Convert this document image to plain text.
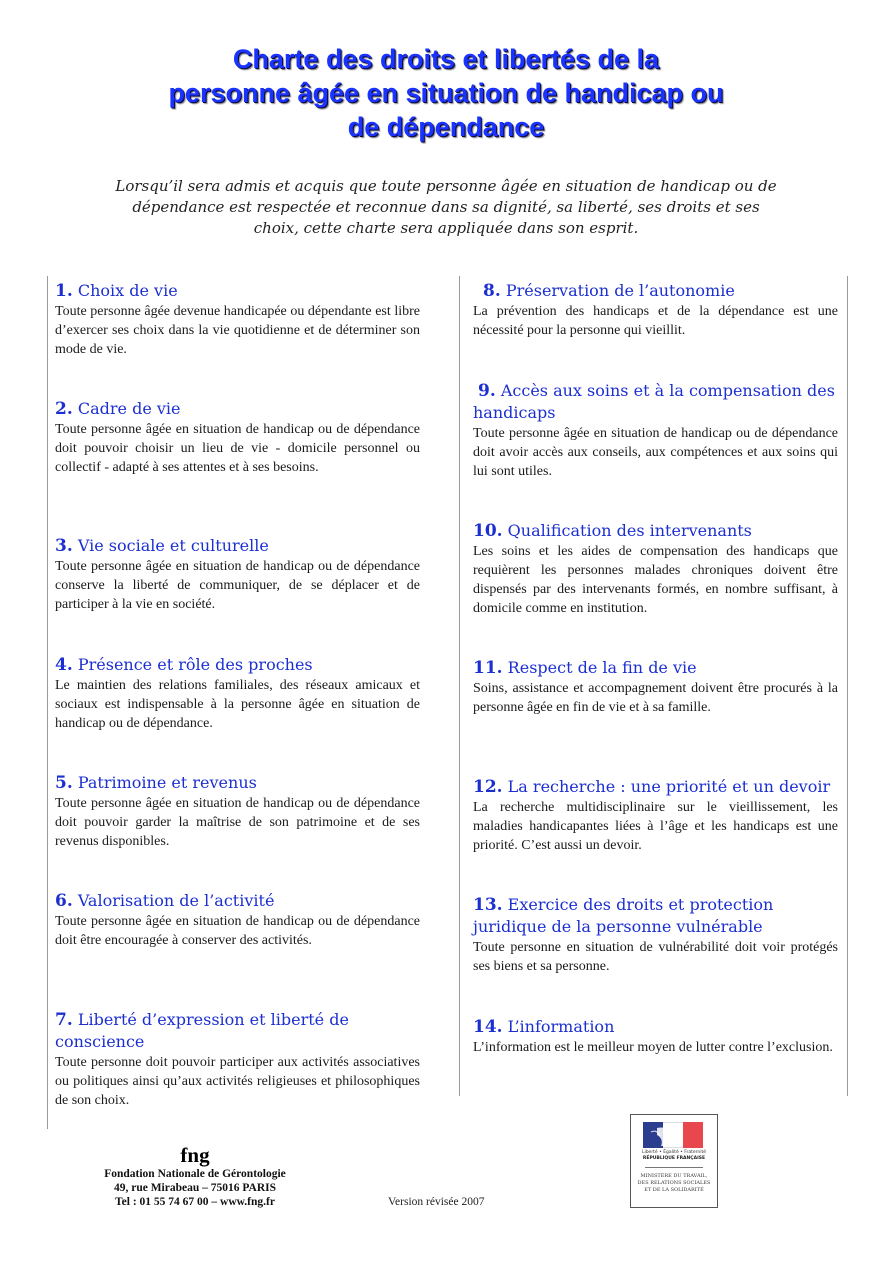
Charte des droits et libertés de la
personne âgée en situation de handicap ou
de dépendance
Lorsqu’il sera admis et acquis que toute personne âgée en situation de handicap ou de dépendance est respectée et reconnue dans sa dignité, sa liberté, ses droits et ses choix, cette charte sera appliquée dans son esprit.

1. Choix de vie

Toute personne âgée devenue handicapée ou dépendante est libre d’exercer ses choix dans la vie quotidienne et de déterminer son mode de vie.

2. Cadre de vie

Toute personne âgée en situation de handicap ou de dépendance doit pouvoir choisir un lieu de vie - domicile personnel ou collectif - adapté à ses attentes et à ses besoins.

3. Vie sociale et culturelle

Toute personne âgée en situation de handicap ou de dépendance conserve la liberté de communiquer, de se déplacer et de participer à la vie en société.

4. Présence et rôle des proches

Le maintien des relations familiales, des réseaux amicaux et sociaux est indispensable à la personne âgée en situation de handicap ou de dépendance.

5. Patrimoine et revenus

Toute personne âgée en situation de handicap ou de dépendance doit pouvoir garder la maîtrise de son patrimoine et de ses revenus disponibles.

6. Valorisation de l’activité

Toute personne âgée en situation de handicap ou de dépendance doit être encouragée à conserver des activités.

7. Liberté d’expression et liberté de conscience

Toute personne doit pouvoir participer aux activités associatives ou politiques ainsi qu’aux activités religieuses et philosophiques de son choix.

8. Préservation de l’autonomie

La prévention des handicaps et de la dépendance est une nécessité pour la personne qui vieillit.

9. Accès aux soins et à la compensation des handicaps

Toute personne âgée en situation de handicap ou de dépendance doit avoir accès aux conseils, aux compétences et aux soins qui lui sont utiles.

10. Qualification des intervenants

Les soins et les aides de compensation des handicaps que requièrent les personnes malades chroniques doivent être dispensés par des intervenants formés, en nombre suffisant, à domicile comme en institution.

11. Respect de la fin de vie

Soins, assistance et accompagnement doivent être procurés à la personne âgée en fin de vie et à sa famille.

12. La recherche : une priorité et un devoir

La recherche multidisciplinaire sur le vieillissement, les maladies handicapantes liées à l’âge et les handicaps est une priorité. C’est aussi un devoir.

13. Exercice des droits et protection juridique de la personne vulnérable

Toute personne en situation de vulnérabilité doit voir protégés ses biens et sa personne.

14. L’information

L’information est le meilleur moyen de lutter contre l’exclusion.

fng
Fondation Nationale de Gérontologie
49, rue Mirabeau – 75016 PARIS
Tel : 01 55 74 67 00 – www.fng.fr	Version révisée 2007
Liberté • Égalité • Fraternité
RÉPUBLIQUE FRANÇAISE
MINISTÈRE DU TRAVAIL, DES RELATIONS SOCIALES ET DE LA SOLIDARITÉ
